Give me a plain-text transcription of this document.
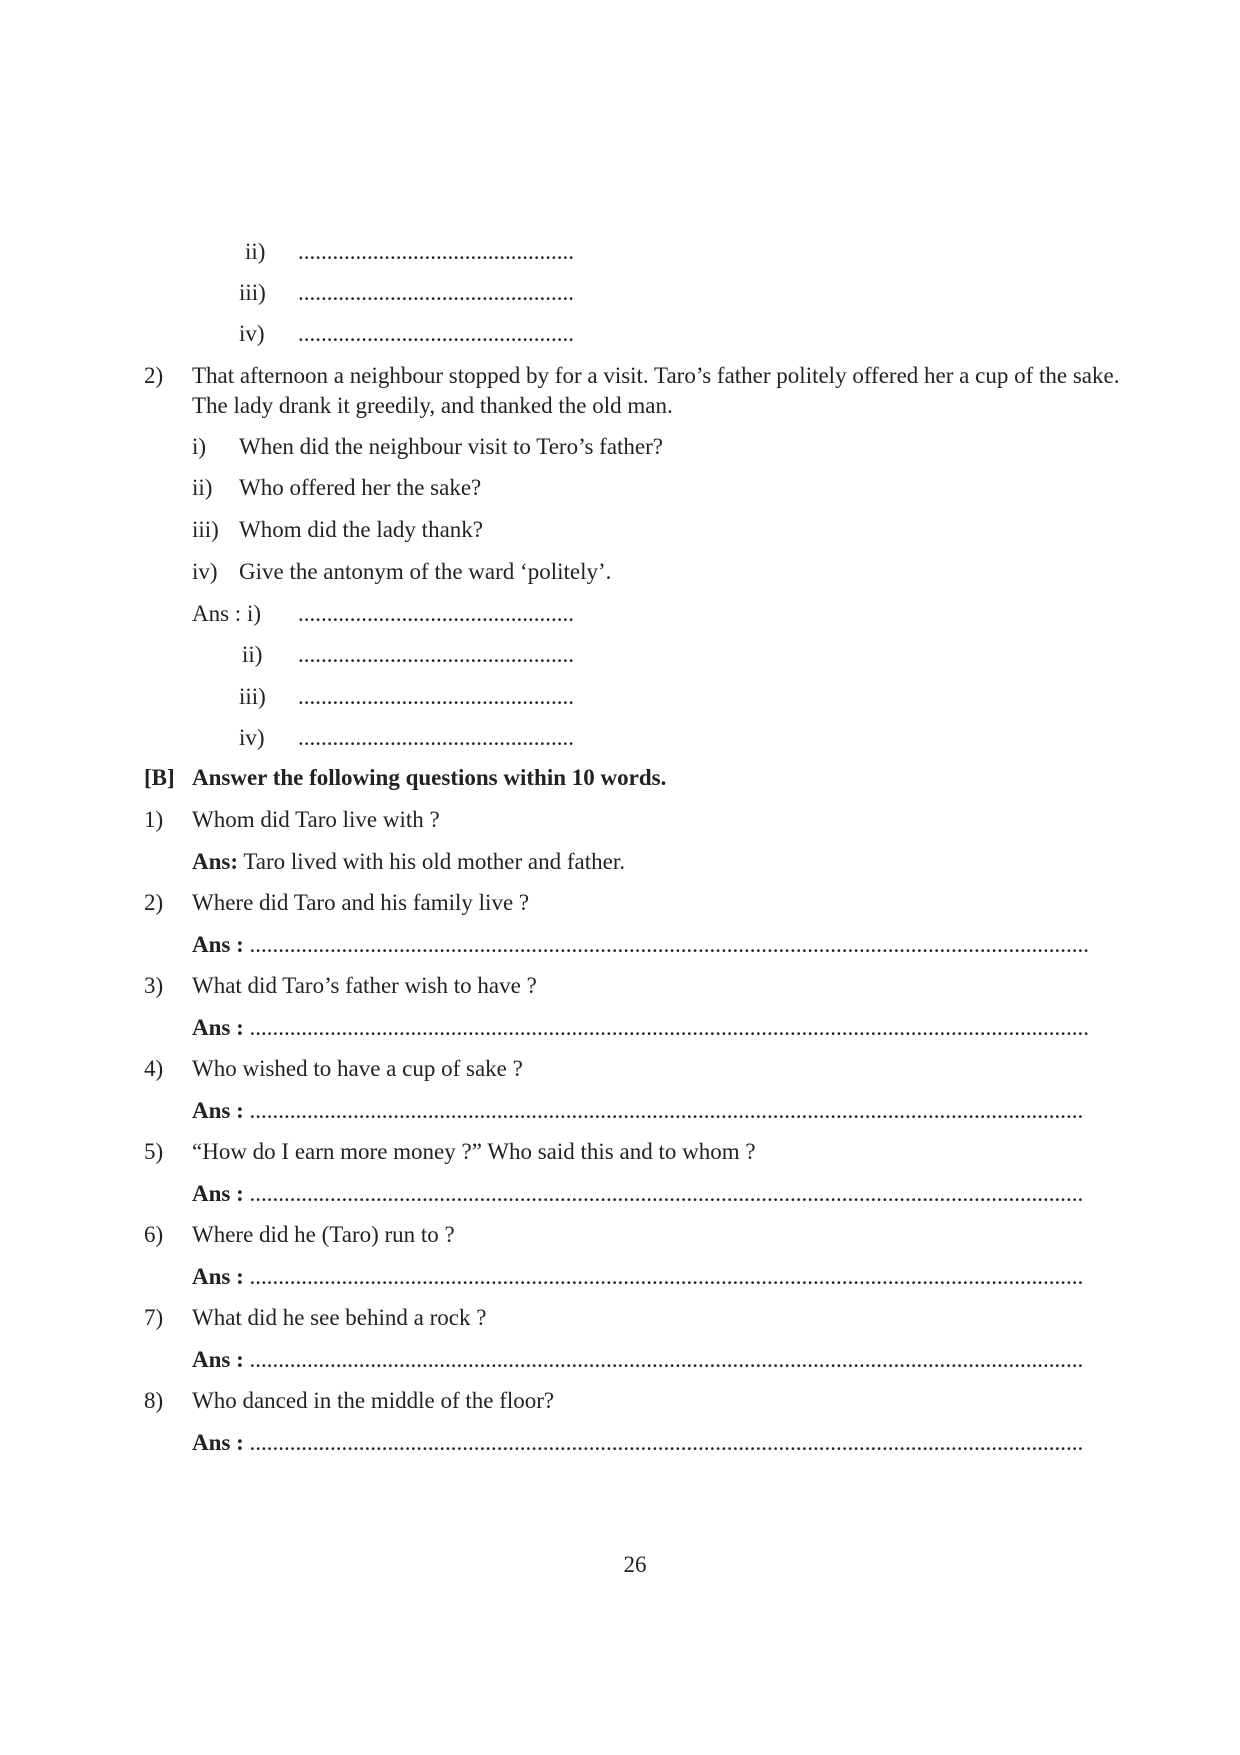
ii) ................................................
iii) ................................................
iv) ................................................
2) That afternoon a neighbour stopped by for a visit. Taro’s father politely offered her a cup of the sake.
The lady drank it greedily, and thanked the old man.
i) When did the neighbour visit to Tero’s father?
ii) Who offered her the sake?
iii) Whom did the lady thank?
iv) Give the antonym of the ward ‘politely’.
Ans : i) ................................................
ii) ................................................
iii) ................................................
iv) ................................................
[B] Answer the following questions within 10 words.
1) Whom did Taro live with ?
Ans: Taro lived with his old mother and father.
2) Where did Taro and his family live ?
Ans : ..................................................................................................................................................
3) What did Taro’s father wish to have ?
Ans : ..................................................................................................................................................
4) Who wished to have a cup of sake ?
Ans : .................................................................................................................................................
5) “How do I earn more money ?” Who said this and to whom ?
Ans : .................................................................................................................................................
6) Where did he (Taro) run to ?
Ans : .................................................................................................................................................
7) What did he see behind a rock ?
Ans : .................................................................................................................................................
8) Who danced in the middle of the floor?
Ans : .................................................................................................................................................
26
